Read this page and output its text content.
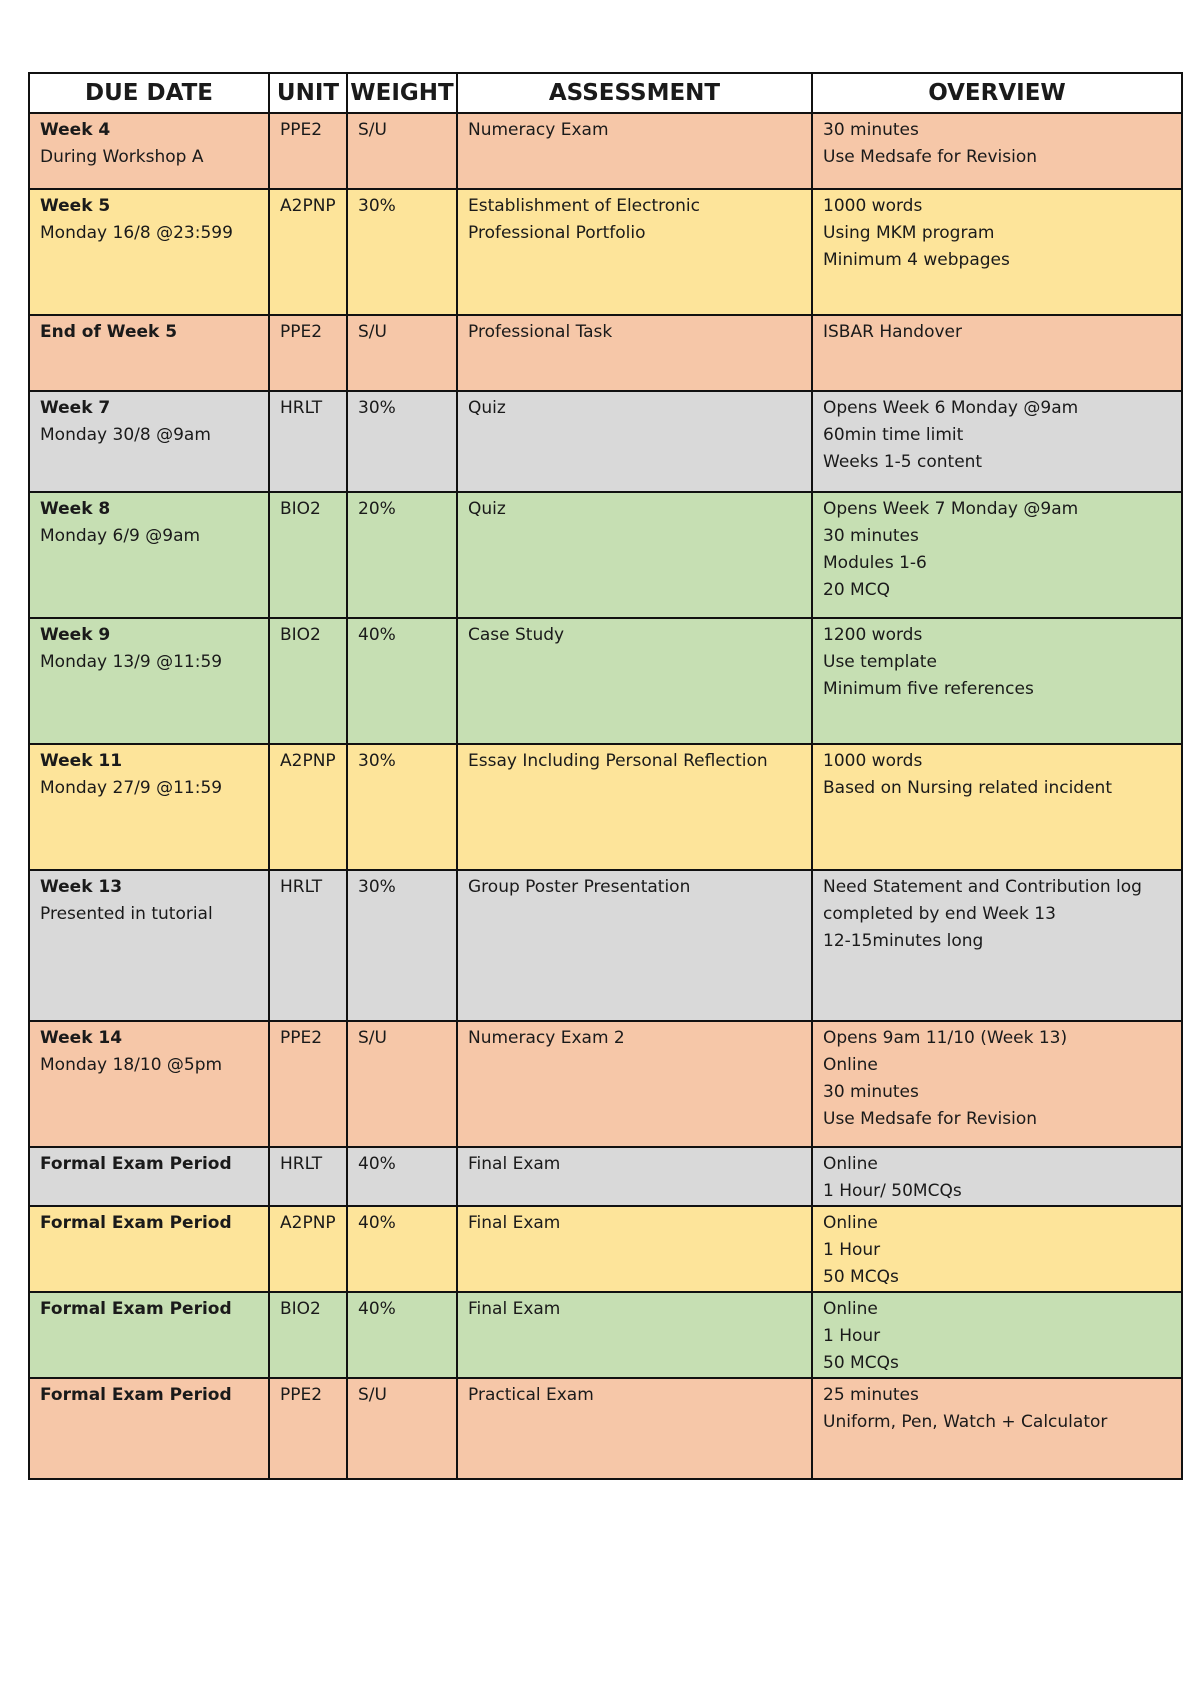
DUE DATE	UNIT	WEIGHT	ASSESSMENT	OVERVIEW

Week 4
During Workshop A	PPE2	S/U	Numeracy Exam	30 minutes
Use Medsafe for Revision

Week 5
Monday 16/8 @23:599	A2PNP	30%	Establishment of Electronic Professional Portfolio	1000 words
Using MKM program
Minimum 4 webpages

End of Week 5	PPE2	S/U	Professional Task	ISBAR Handover

Week 7
Monday 30/8 @9am	HRLT	30%	Quiz	Opens Week 6 Monday @9am
60min time limit
Weeks 1-5 content

Week 8
Monday 6/9 @9am	BIO2	20%	Quiz	Opens Week 7 Monday @9am
30 minutes
Modules 1-6
20 MCQ

Week 9
Monday 13/9 @11:59	BIO2	40%	Case Study	1200 words
Use template
Minimum five references

Week 11
Monday 27/9 @11:59	A2PNP	30%	Essay Including Personal Reflection	1000 words
Based on Nursing related incident

Week 13
Presented in tutorial	HRLT	30%	Group Poster Presentation	Need Statement and Contribution log completed by end Week 13
12-15minutes long

Week 14
Monday 18/10 @5pm	PPE2	S/U	Numeracy Exam 2	Opens 9am 11/10 (Week 13)
Online
30 minutes
Use Medsafe for Revision

Formal Exam Period	HRLT	40%	Final Exam	Online
1 Hour/ 50MCQs

Formal Exam Period	A2PNP	40%	Final Exam	Online
1 Hour
50 MCQs

Formal Exam Period	BIO2	40%	Final Exam	Online
1 Hour
50 MCQs

Formal Exam Period	PPE2	S/U	Practical Exam	25 minutes
Uniform, Pen, Watch + Calculator
